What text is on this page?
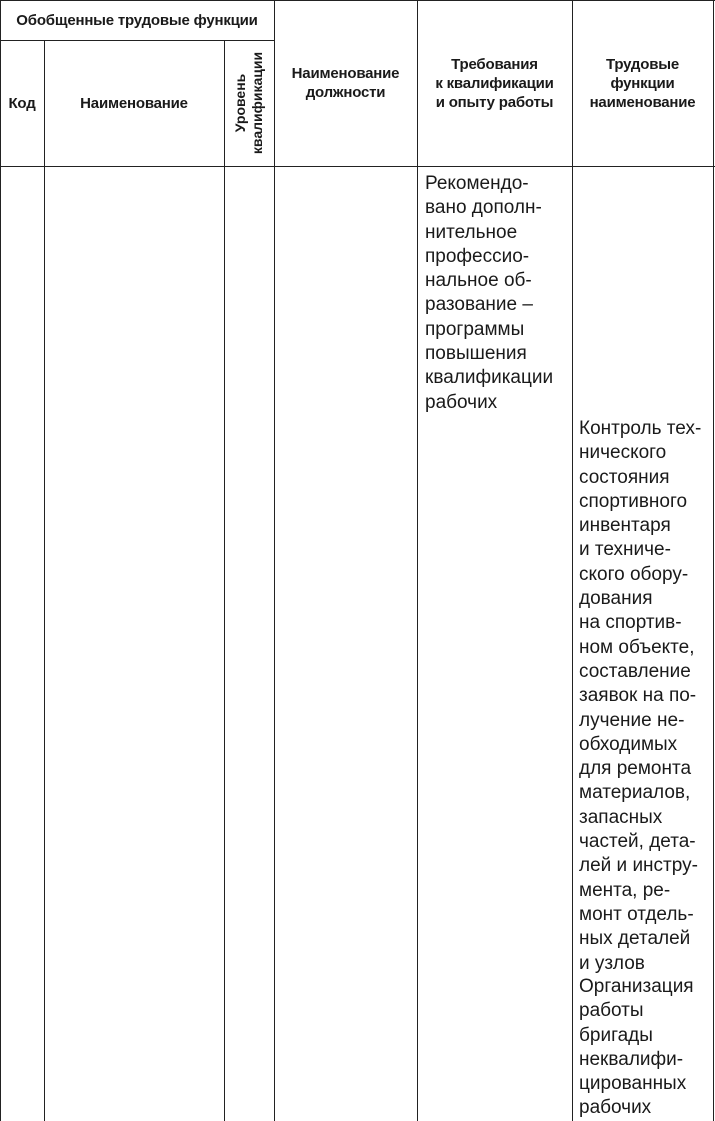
Обобщенные трудовые функции
Код	Наименование	Уровень квалификации Наименование
должности
Требования
к квалификации
и опыту работы
Трудовые
функции
наименование
Рекомендо-
вано дополн-
нительное
профессио-
нальное об-
разование –
программы
повышения
квалификации
рабочих
Контроль тех-
нического
состояния
спортивного
инвентаря
и техниче-
ского обору-
дования
на спортив-
ном объекте,
составление
заявок на по-
лучение не-
обходимых
для ремонта
материалов,
запасных
частей, дета-
лей и инстру-
мента, ре-
монт отдель-
ных деталей
и узлов
Организация
работы
бригады
неквалифи-
цированных
рабочих
